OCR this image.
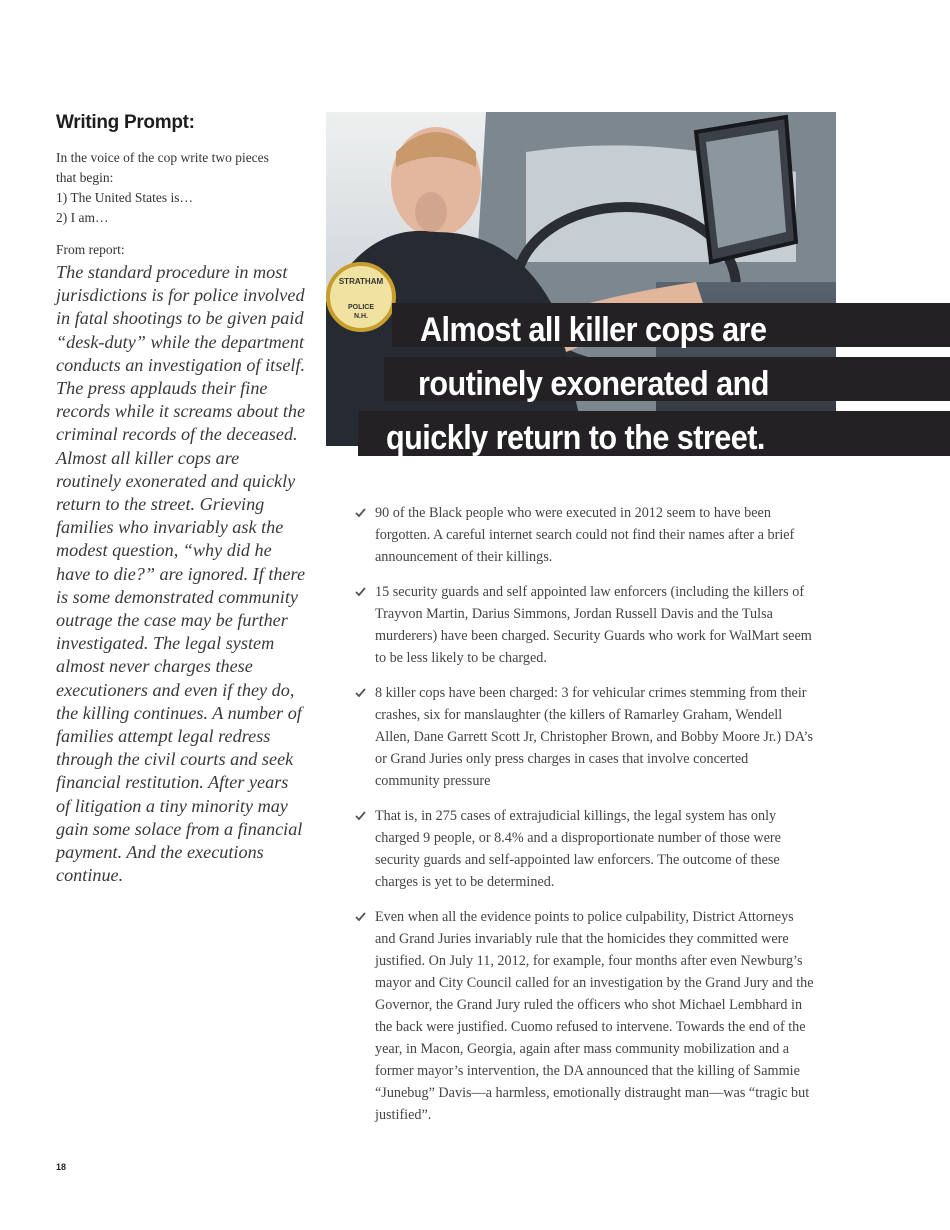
Writing Prompt:
In the voice of the cop write two pieces
that begin:
1) The United States is…
2) I am…
From report:
The standard procedure in most jurisdictions is for police involved in fatal shootings to be given paid “desk-duty” while the department conducts an investigation of itself. The press applauds their fine records while it screams about the criminal records of the deceased. Almost all killer cops are routinely exonerated and quickly return to the street. Grieving families who invariably ask the modest question, “why did he have to die?” are ignored. If there is some demonstrated community outrage the case may be further investigated. The legal system almost never charges these executioners and even if they do, the killing continues. A number of families attempt legal redress through the civil courts and seek financial restitution. After years of litigation a tiny minority may gain some solace from a financial payment. And the executions continue.
STRATHAM
POLICE
N.H. Almost all killer cops are
routinely exonerated and
quickly return to the street.
90 of the Black people who were executed in 2012 seem to have been forgotten. A careful internet search could not find their names after a brief announcement of their killings.
15 security guards and self appointed law enforcers (including the killers of Trayvon Martin, Darius Simmons, Jordan Russell Davis and the Tulsa murderers) have been charged. Security Guards who work for WalMart seem to be less likely to be charged.
8 killer cops have been charged: 3 for vehicular crimes stemming from their crashes, six for manslaughter (the killers of Ramarley Graham, Wendell Allen, Dane Garrett Scott Jr, Christopher Brown, and Bobby Moore Jr.) DA’s or Grand Juries only press charges in cases that involve concerted community pressure
That is, in 275 cases of extrajudicial killings, the legal system has only charged 9 people, or 8.4% and a disproportionate number of those were security guards and self-appointed law enforcers. The outcome of these charges is yet to be determined.
Even when all the evidence points to police culpability, District Attorneys and Grand Juries invariably rule that the homicides they committed were justified. On July 11, 2012, for example, four months after even Newburg’s mayor and City Council called for an investigation by the Grand Jury and the Governor, the Grand Jury ruled the officers who shot Michael Lembhard in the back were justified. Cuomo refused to intervene. Towards the end of the year, in Macon, Georgia, again after mass community mobilization and a former mayor’s intervention, the DA announced that the killing of Sammie “Junebug” Davis—a harmless, emotionally distraught man—was “tragic but justified”.
18
